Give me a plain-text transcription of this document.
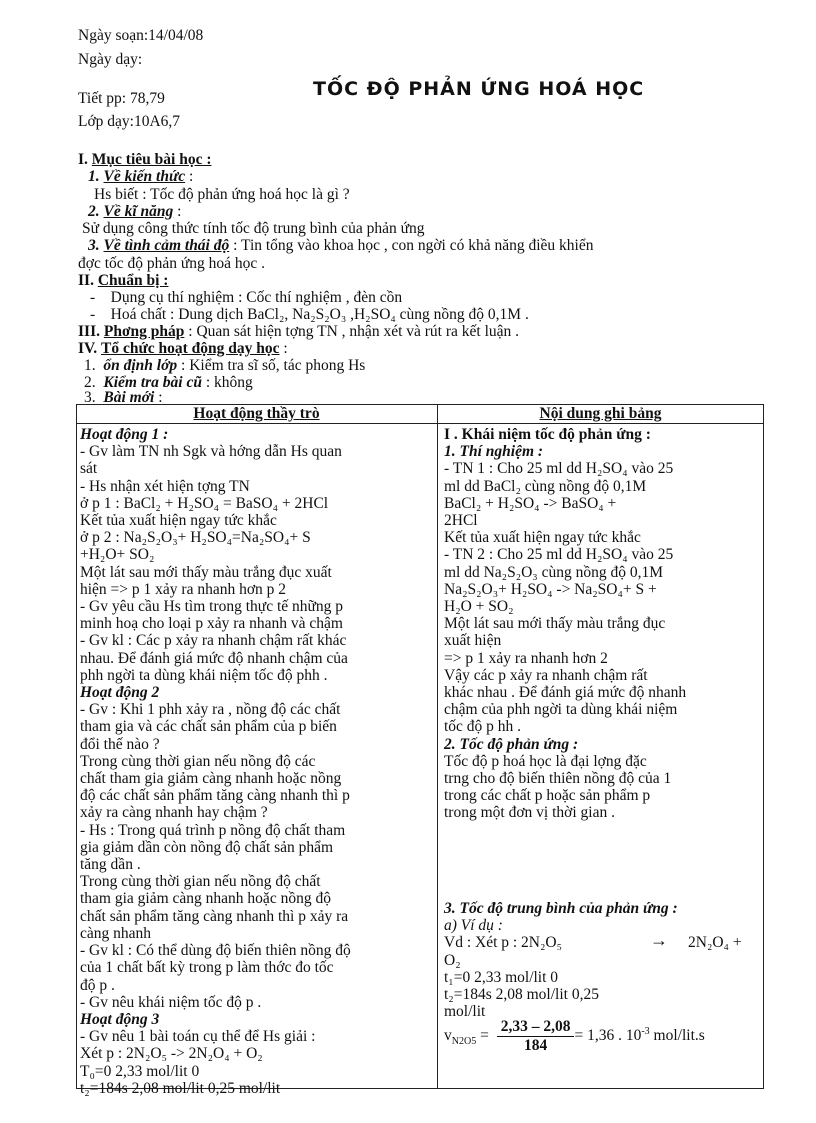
Ngày soạn:14/04/08
Ngày dạy:
Tiết pp: 78,79
Lớp dạy:10A6,7
TỐC ĐỘ PHẢN ỨNG HOÁ HỌC
I. Mục tiêu bài học :
1. Về kiến thức :
Hs biết : Tốc độ phản ứng hoá học là gì ?
2. Về kĩ năng :
Sử dụng công thức tính tốc độ trung bình của phản ứng
3. Về tình cảm thái độ : Tin tổng vào khoa học , con ngời có khả năng điều khiển
đợc tốc độ phản ứng hoá học .
II. Chuẩn bị :
-    Dụng cụ thí nghiệm : Cốc thí nghiệm , đèn cồn
-    Hoá chất : Dung dịch BaCl₂, Na₂S₂O₃ ,H₂SO₄ cùng nồng độ 0,1M .
III. Phơng pháp : Quan sát hiện tợng TN , nhận xét và rút ra kết luận .
IV. Tổ chức hoạt động dạy học :
1. ổn định lớp : Kiểm tra sĩ số, tác phong Hs
2. Kiểm tra bài cũ : không
3. Bài mới :
Hoạt động thầy trò	Nội dung ghi bảng
Hoạt động 1 :
- Gv làm TN nh Sgk và hớng dẫn Hs quan
sát
- Hs nhận xét hiện tợng TN
ở p 1 : BaCl₂ + H₂SO₄ = BaSO₄ + 2HCl
Kết tủa xuất hiện ngay tức khắc
ở p 2 : Na₂S₂O₃+ H₂SO₄=Na₂SO₄+ S
+H₂O+ SO₂
Một lát sau mới thấy màu trắng đục xuất
hiện => p 1 xảy ra nhanh hơn p 2
- Gv yêu cầu Hs tìm trong thực tế những p
minh hoạ cho loại p xảy ra nhanh và chậm
- Gv kl : Các p xảy ra nhanh chậm rất khác
nhau. Để đánh giá mức độ nhanh chậm của
phh ngời ta dùng khái niệm tốc độ phh .
Hoạt động 2
- Gv : Khi 1 phh xảy ra , nồng độ các chất
tham gia và các chất sản phẩm của p biến
đổi thế nào ?
Trong cùng thời gian nếu nồng độ các
chất tham gia giảm càng nhanh hoặc nồng
độ các chất sản phẩm tăng càng nhanh thì p
xảy ra càng nhanh hay chậm ?
- Hs : Trong quá trình p nồng độ chất tham
gia giảm dần còn nồng độ chất sản phẩm
tăng dần .
Trong cùng thời gian nếu nồng độ chất
tham gia giảm càng nhanh hoặc nồng độ
chất sản phẩm tăng càng nhanh thì p xảy ra
càng nhanh
- Gv kl : Có thể dùng độ biến thiên nồng độ
của 1 chất bất kỳ trong p làm thớc đo tốc
độ p .
- Gv nêu khái niệm tốc độ p .
Hoạt động 3
- Gv nêu 1 bài toán cụ thể để Hs giải :
Xét p : 2N₂O₅ -> 2N₂O₄ + O₂
T₀=0 2,33 mol/lit 0
t₂=184s 2,08 mol/lit 0,25 mol/lit
I . Khái niệm tốc độ phản ứng :
1. Thí nghiệm :
- TN 1 : Cho 25 ml dd H₂SO₄ vào 25
ml dd BaCl₂ cùng nồng độ 0,1M
BaCl₂ + H₂SO₄ -> BaSO₄ +
2HCl
Kết tủa xuất hiện ngay tức khắc
- TN 2 : Cho 25 ml dd H₂SO₄ vào 25
ml dd Na₂S₂O₃ cùng nồng độ 0,1M
Na₂S₂O₃+ H₂SO₄ -> Na₂SO₄+ S +
H₂O + SO₂
Một lát sau mới thấy màu trắng đục
xuất hiện
=> p 1 xảy ra nhanh hơn 2
Vậy các p xảy ra nhanh chậm rất
khác nhau . Để đánh giá mức độ nhanh
chậm của phh ngời ta dùng khái niệm
tốc độ p hh .
2. Tốc độ phản ứng :
Tốc độ p hoá học là đại lợng đặc
trng cho độ biến thiên nồng độ của 1
trong các chất p hoặc sản phẩm p
trong một đơn vị thời gian .
3. Tốc độ trung bình của phản ứng :
a) Ví dụ :
Vd : Xét p : 2N₂O₅
O₂
t₁=0 2,33 mol/lit 0
t₂=184s 2,08 mol/lit 0,25
mol/lit
2N₂O₄ +
→
$v_{N2O5} = \frac{2,33 - 2,08}{184} = 1,36$ . $10^{-3}$ mol/lit.s
